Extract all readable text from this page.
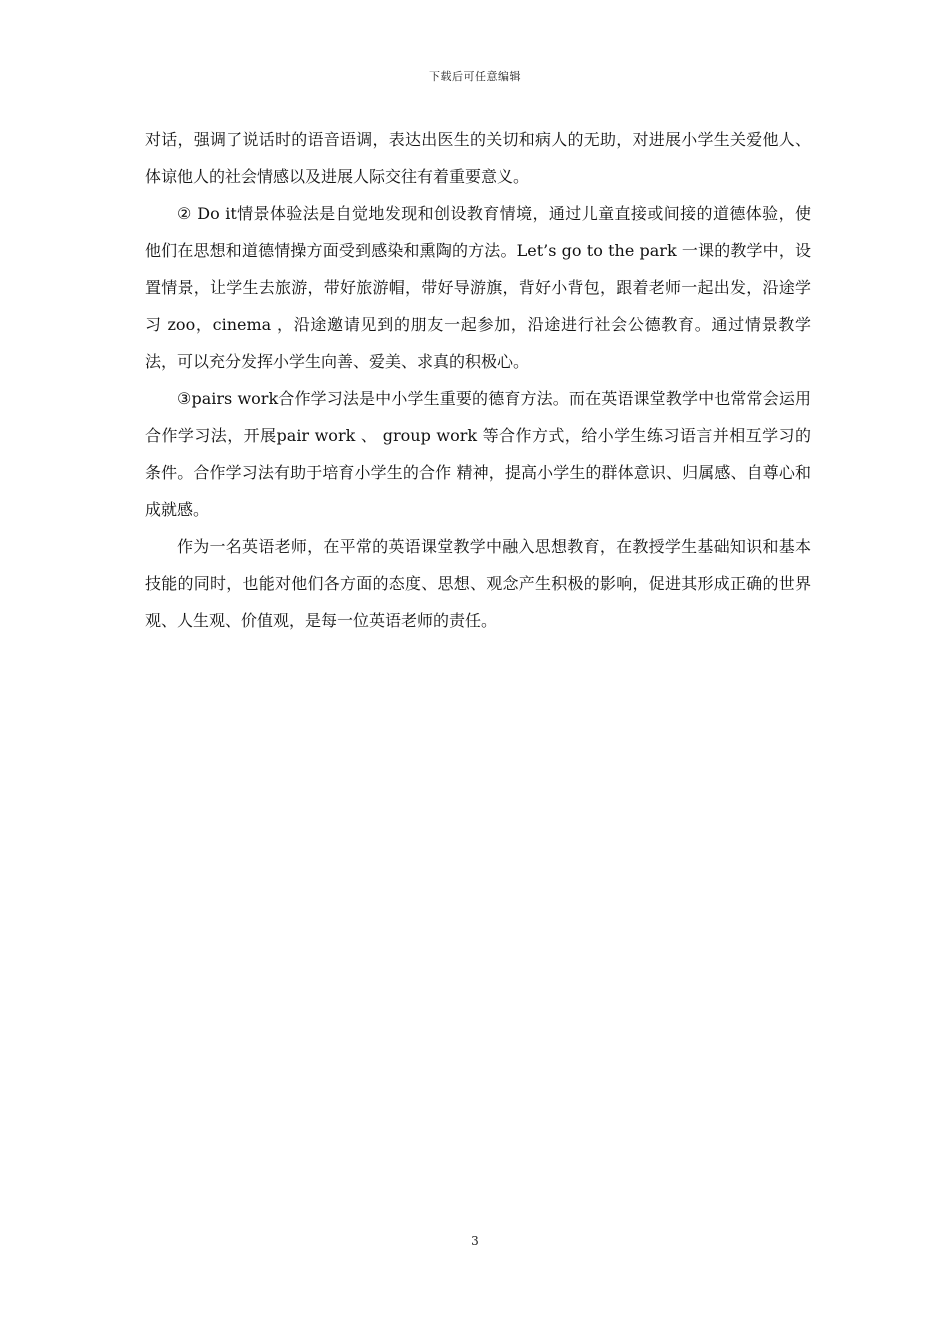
下载后可任意编辑

对话，强调了说话时的语音语调，表达出医生的关切和病人的无助，对进展小学生关爱他人、体谅他人的社会情感以及进展人际交往有着重要意义。

② Do it情景体验法是自觉地发现和创设教育情境，通过儿童直接或间接的道德体验，使他们在思想和道德情操方面受到感染和熏陶的方法。Let’s go to the park 一课的教学中，设置情景，让学生去旅游，带好旅游帽，带好导游旗，背好小背包，跟着老师一起出发，沿途学习 zoo，cinema ，沿途邀请见到的朋友一起参加，沿途进行社会公德教育。通过情景教学法，可以充分发挥小学生向善、爱美、求真的积极心。

③pairs work合作学习法是中小学生重要的德育方法。而在英语课堂教学中也常常会运用合作学习法，开展pair work 、 group work 等合作方式，给小学生练习语言并相互学习的条件。合作学习法有助于培育小学生的合作 精神，提高小学生的群体意识、归属感、自尊心和成就感。

作为一名英语老师，在平常的英语课堂教学中融入思想教育，在教授学生基础知识和基本技能的同时，也能对他们各方面的态度、思想、观念产生积极的影响，促进其形成正确的世界观、人生观、价值观，是每一位英语老师的责任。

3
